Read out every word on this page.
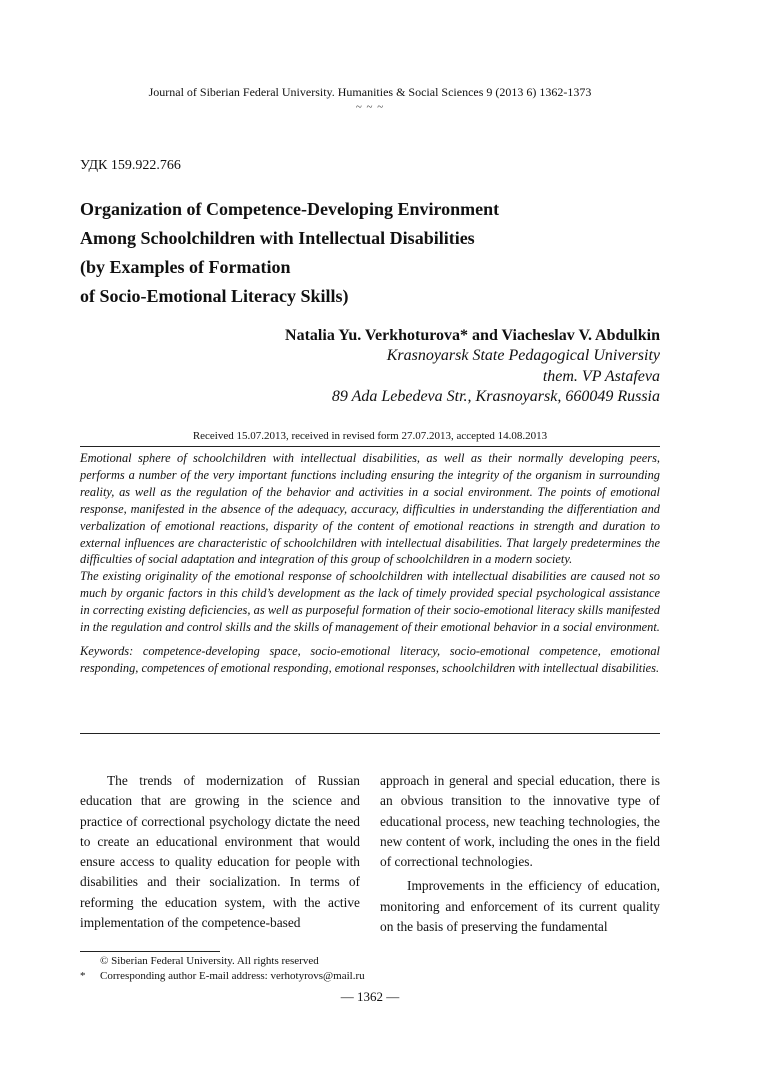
Journal of Siberian Federal University. Humanities & Social Sciences 9 (2013 6) 1362-1373
~ ~ ~
УДК 159.922.766
Organization of Competence-Developing Environment
Among Schoolchildren with Intellectual Disabilities
(by Examples of Formation
of Socio-Emotional Literacy Skills)
Natalia Yu. Verkhoturova* and Viacheslav V. Abdulkin
Krasnoyarsk State Pedagogical University
them. VP Astafeva
89 Ada Lebedeva Str., Krasnoyarsk, 660049 Russia
Received 15.07.2013, received in revised form 27.07.2013, accepted 14.08.2013

Emotional sphere of schoolchildren with intellectual disabilities, as well as their normally developing peers, performs a number of the very important functions including ensuring the integrity of the organism in surrounding reality, as well as the regulation of the behavior and activities in a social environment. The points of emotional response, manifested in the absence of the adequacy, accuracy, difficulties in understanding the differentiation and verbalization of emotional reactions, disparity of the content of emotional reactions in strength and duration to external influences are characteristic of schoolchildren with intellectual disabilities. That largely predetermines the difficulties of social adaptation and integration of this group of schoolchildren in a modern society.

The existing originality of the emotional response of schoolchildren with intellectual disabilities are caused not so much by organic factors in this child’s development as the lack of timely provided special psychological assistance in correcting existing deficiencies, as well as purposeful formation of their socio-emotional literacy skills manifested in the regulation and control skills and the skills of management of their emotional behavior in a social environment.

Keywords: competence-developing space, socio-emotional literacy, socio-emotional competence, emotional responding, competences of emotional responding, emotional responses, schoolchildren with intellectual disabilities.

The trends of modernization of Russian education that are growing in the science and practice of correctional psychology dictate the need to create an educational environment that would ensure access to quality education for people with disabilities and their socialization. In terms of reforming the education system, with the active implementation of the competence-based

approach in general and special education, there is an obvious transition to the innovative type of educational process, new teaching technologies, the new content of work, including the ones in the field of correctional technologies.

Improvements in the efficiency of education, monitoring and enforcement of its current quality on the basis of preserving the fundamental

© Siberian Federal University. All rights reserved
*	Corresponding author E-mail address: verhotyrovs@mail.ru
— 1362 —
